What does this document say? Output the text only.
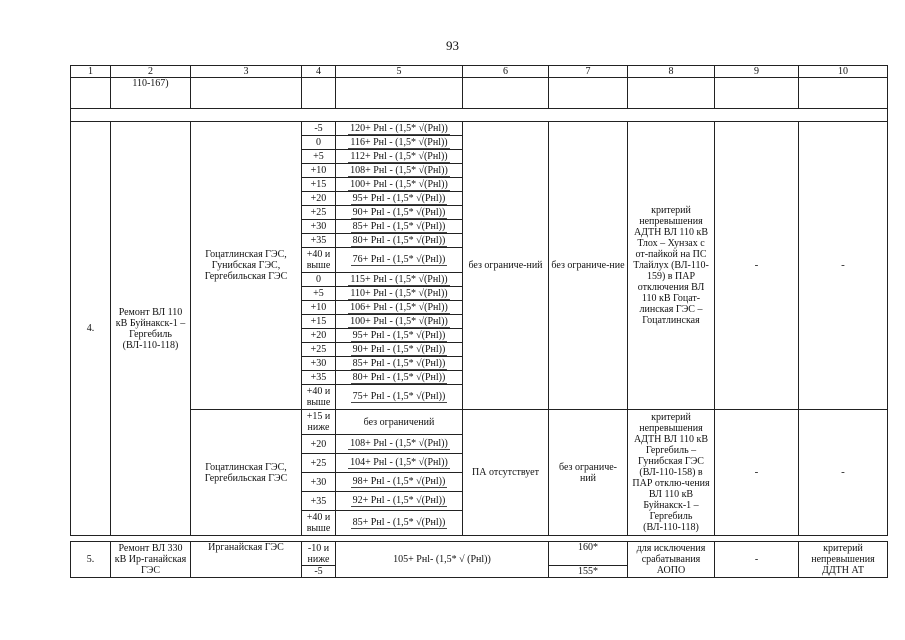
93
1	2	3	4	5	6	7	8	9	10
	110-167)								

4.	Ремонт ВЛ 110 кВ Буйнакск-1 – Гергебиль (ВЛ-110-118)	Гоцатлинская ГЭС, Гунибская ГЭС, Гергебильская ГЭС	-5	120+ Pнl - (1,5* √(Pнl))	без ограниче-ний	без ограниче-ние	критерий непревышения АДТН ВЛ 110 кВ Тлох – Хунзах с от-пайкой на ПС Тлайлух (ВЛ-110-159) в ПАР отключения ВЛ 110 кВ Гоцат-линская ГЭС – Гоцатлинская	-	-
			0	116+ Pнl - (1,5* √(Pнl))					
			+5	112+ Pнl - (1,5* √(Pнl))					
			+10	108+ Pнl - (1,5* √(Pнl))					
			+15	100+ Pнl - (1,5* √(Pнl))					
			+20	95+ Pнl - (1,5* √(Pнl))					
			+25	90+ Pнl - (1,5* √(Pнl))					
			+30	85+ Pнl - (1,5* √(Pнl))					
			+35	80+ Pнl - (1,5* √(Pнl))					
			+40 и выше	76+ Pнl - (1,5* √(Pнl))					
			0	115+ Pнl - (1,5* √(Pнl))					
			+5	110+ Pнl - (1,5* √(Pнl))					
			+10	106+ Pнl - (1,5* √(Pнl))					
			+15	100+ Pнl - (1,5* √(Pнl))					
			+20	95+ Pнl - (1,5* √(Pнl))					
			+25	90+ Pнl - (1,5* √(Pнl))					
			+30	85+ Pнl - (1,5* √(Pнl))					
			+35	80+ Pнl - (1,5* √(Pнl))					
			+40 и выше	75+ Pнl - (1,5* √(Pнl))					
		Гоцатлинская ГЭС, Гергебильская ГЭС	+15 и ниже	без ограничений	ПА отсутствует	без ограниче-ний	критерий непревышения АДТН ВЛ 110 кВ Гергебиль – Гунибская ГЭС (ВЛ-110-158) в ПАР отклю-чения ВЛ 110 кВ Буйнакск-1 – Гергебиль (ВЛ-110-118)	-	-
			+20	108+ Pнl - (1,5* √(Pнl))					
			+25	104+ Pнl - (1,5* √(Pнl))					
			+30	98+ Pнl - (1,5* √(Pнl))					
			+35	92+ Pнl - (1,5* √(Pнl))					
			+40 и выше	85+ Pнl - (1,5* √(Pнl))					

5.	Ремонт ВЛ 330 кВ Ир-ганайская ГЭС	Ирганайская ГЭС	-10 и ниже	105+ Pнl- (1,5* √ (Pнl))		160*	для исключения срабатывания АОПО	-	критерий непревышения ДДТН АТ
			-5			155*			
